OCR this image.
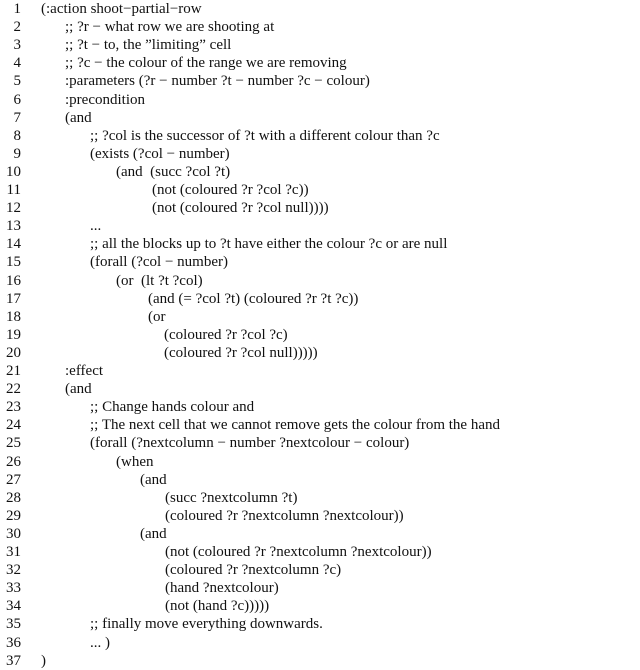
1 (:action shoot−partial−row
2	;; ?r − what row we are shooting at
3	;; ?t − to, the ”limiting” cell
4	;; ?c − the colour of the range we are removing
5	:parameters (?r − number ?t − number ?c − colour)
6	:precondition
7	(and
8	;; ?col is the successor of ?t with a different colour than ?c
9	(exists (?col − number)
10	(and  (succ ?col ?t)
11	(not (coloured ?r ?col ?c))
12	(not (coloured ?r ?col null))))
13	...
14	;; all the blocks up to ?t have either the colour ?c or are null
15	(forall (?col − number)
16	(or  (lt ?t ?col)
17	(and (= ?col ?t) (coloured ?r ?t ?c))
18	(or
19	(coloured ?r ?col ?c)
20	(coloured ?r ?col null)))))
21	:effect
22	(and
23	;; Change hands colour and
24	;; The next cell that we cannot remove gets the colour from the hand
25	(forall (?nextcolumn − number ?nextcolour − colour)
26	(when
27	(and
28	(succ ?nextcolumn ?t)
29	(coloured ?r ?nextcolumn ?nextcolour))
30	(and
31	(not (coloured ?r ?nextcolumn ?nextcolour))
32	(coloured ?r ?nextcolumn ?c)
33	(hand ?nextcolour)
34	(not (hand ?c)))))
35	;; finally move everything downwards.
36	... )
37 )
